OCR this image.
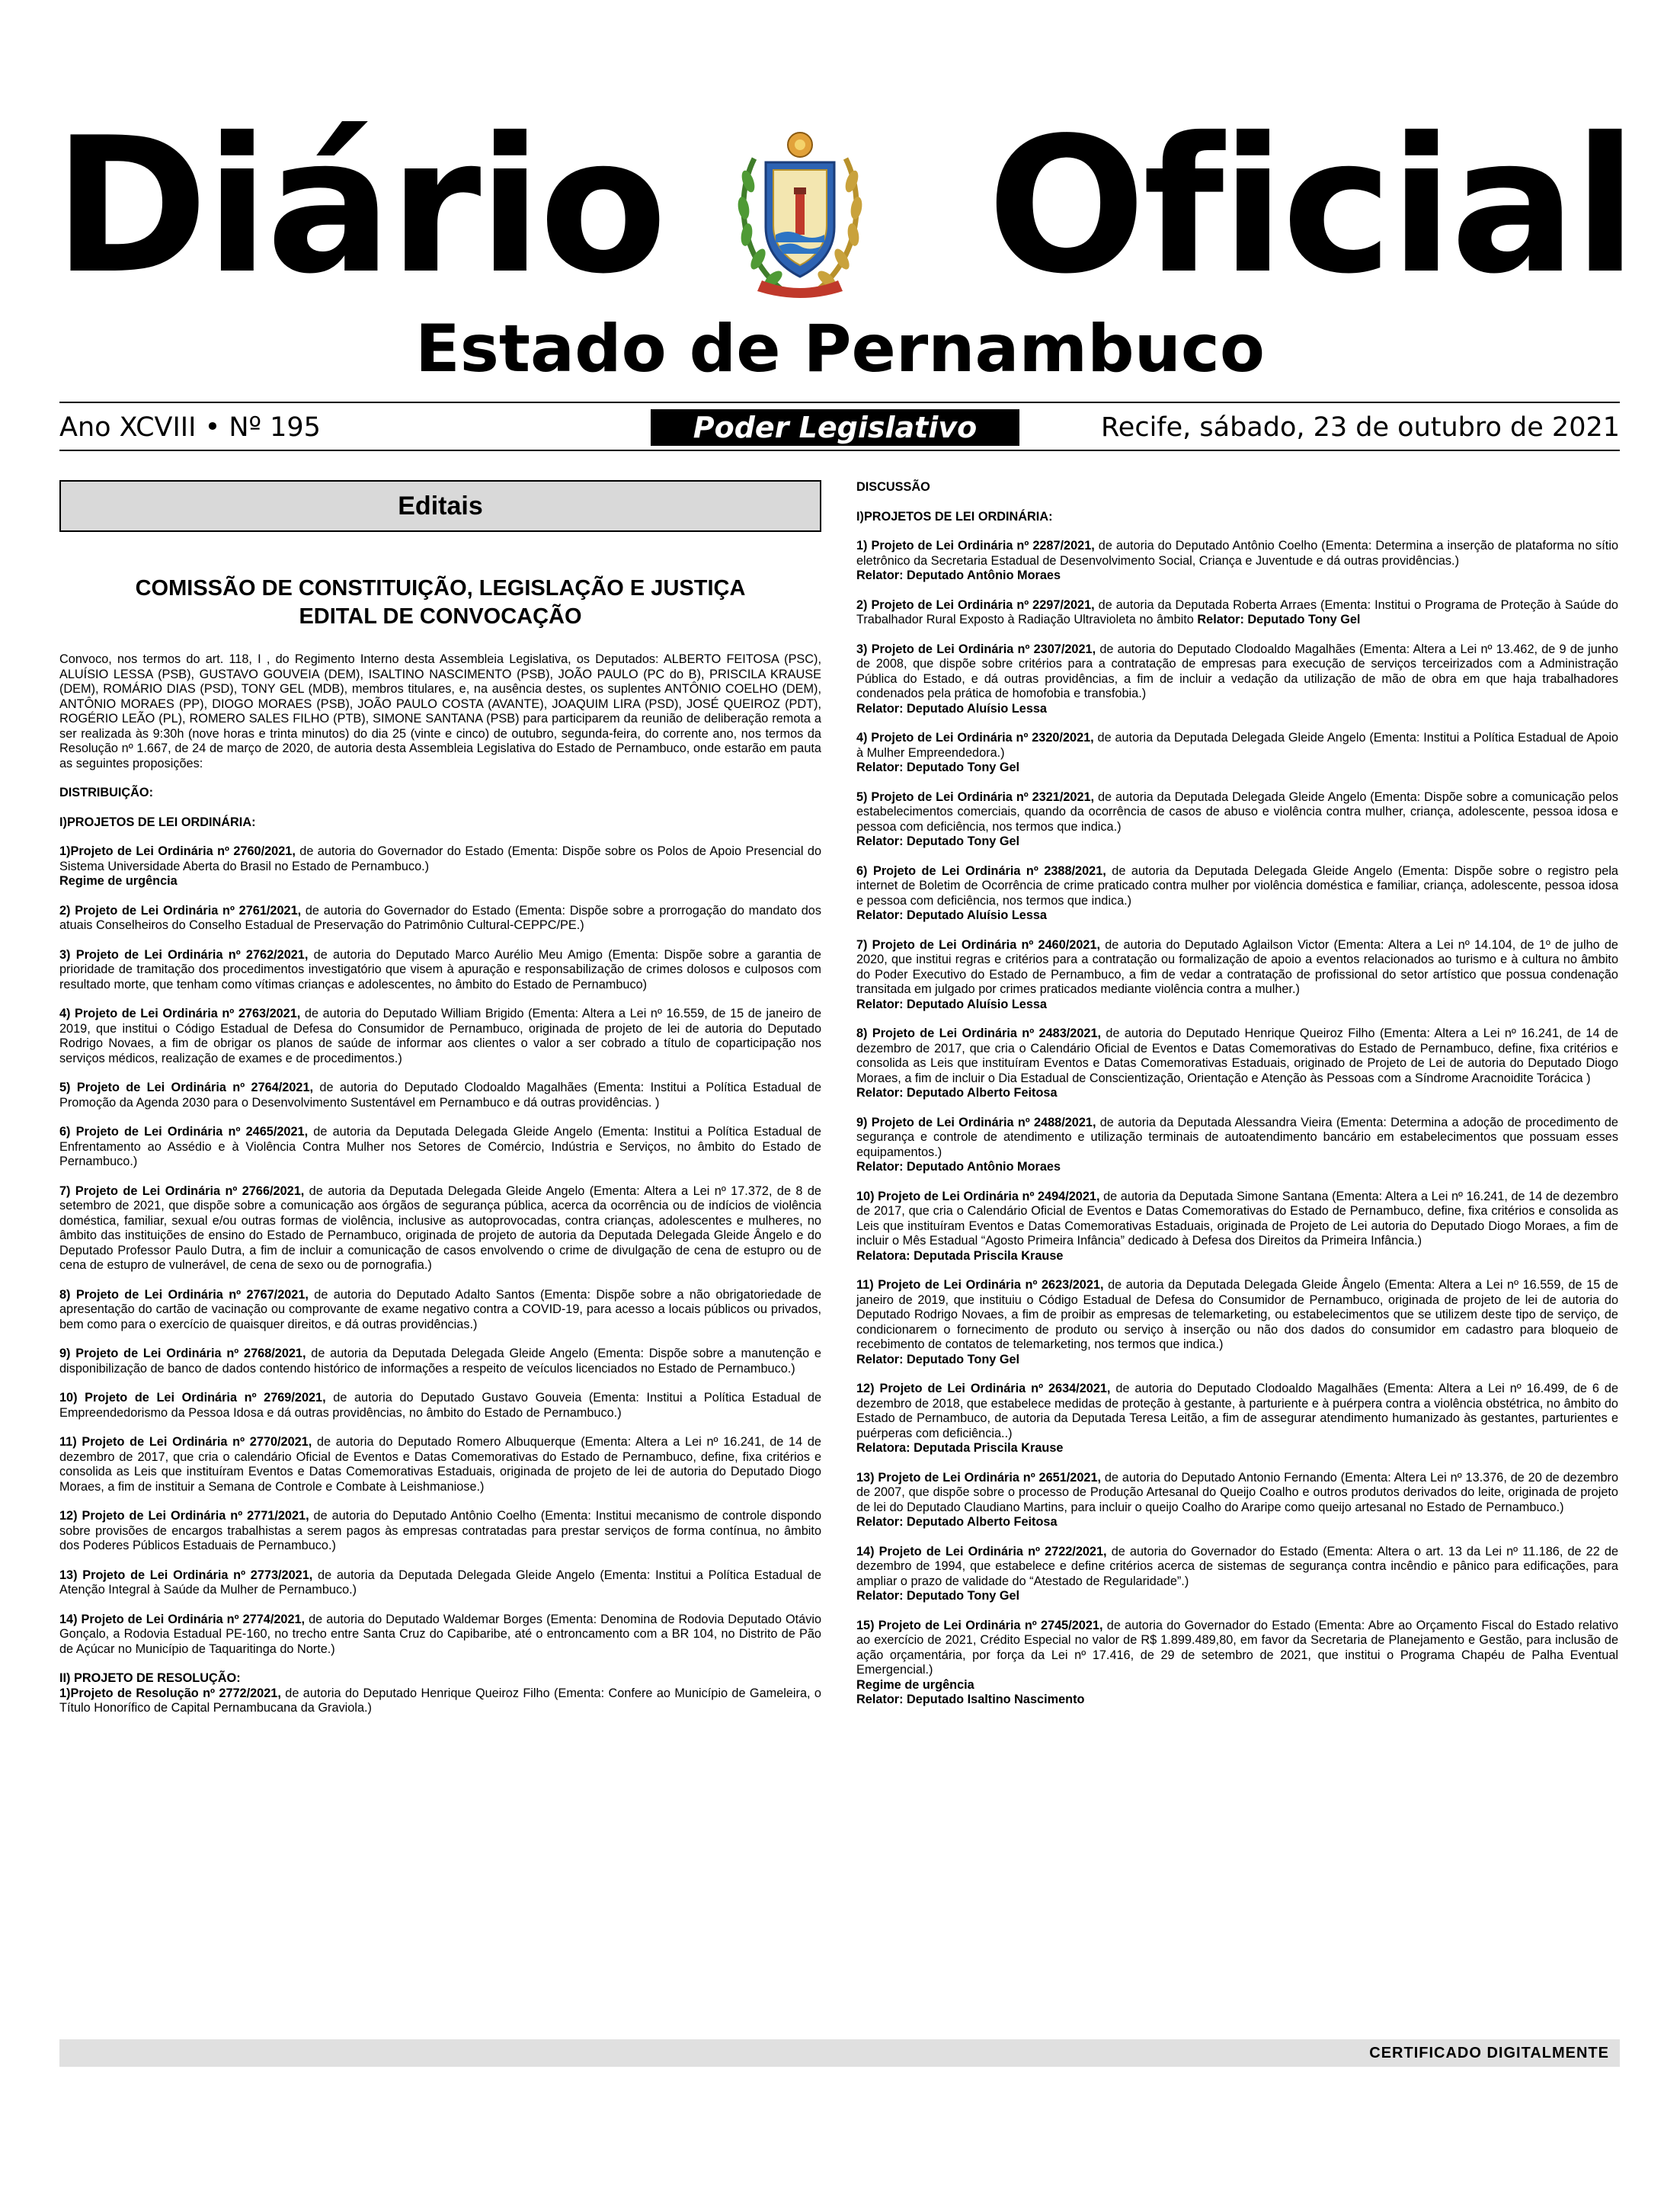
Diário Oficial
Estado de Pernambuco
Ano XCVIII • Nº 195	Poder Legislativo	Recife, sábado, 23 de outubro de 2021
Editais
COMISSÃO DE CONSTITUIÇÃO, LEGISLAÇÃO E JUSTIÇA
EDITAL DE CONVOCAÇÃO

Convoco, nos termos do art. 118, I , do Regimento Interno desta Assembleia Legislativa, os Deputados: ALBERTO FEITOSA (PSC), ALUÍSIO LESSA (PSB), GUSTAVO GOUVEIA (DEM), ISALTINO NASCIMENTO (PSB), JOÃO PAULO (PC do B), PRISCILA KRAUSE (DEM), ROMÁRIO DIAS (PSD), TONY GEL (MDB), membros titulares, e, na ausência destes, os suplentes ANTÔNIO COELHO (DEM), ANTÔNIO MORAES (PP), DIOGO MORAES (PSB), JOÃO PAULO COSTA (AVANTE), JOAQUIM LIRA (PSD), JOSÉ QUEIROZ (PDT), ROGÉRIO LEÃO (PL), ROMERO SALES FILHO (PTB), SIMONE SANTANA (PSB) para participarem da reunião de deliberação remota a ser realizada às 9:30h (nove horas e trinta minutos) do dia 25 (vinte e cinco) de outubro, segunda-feira, do corrente ano, nos termos da Resolução nº 1.667, de 24 de março de 2020, de autoria desta Assembleia Legislativa do Estado de Pernambuco, onde estarão em pauta as seguintes proposições:

DISTRIBUIÇÃO:
I)PROJETOS DE LEI ORDINÁRIA:

1)Projeto de Lei Ordinária nº 2760/2021, de autoria do Governador do Estado (Ementa: Dispõe sobre os Polos de Apoio Presencial do Sistema Universidade Aberta do Brasil no Estado de Pernambuco.)
Regime de urgência

2) Projeto de Lei Ordinária nº 2761/2021, de autoria do Governador do Estado (Ementa: Dispõe sobre a prorrogação do mandato dos atuais Conselheiros do Conselho Estadual de Preservação do Patrimônio Cultural-CEPPC/PE.)

3) Projeto de Lei Ordinária nº 2762/2021, de autoria do Deputado Marco Aurélio Meu Amigo (Ementa: Dispõe sobre a garantia de prioridade de tramitação dos procedimentos investigatório que visem à apuração e responsabilização de crimes dolosos e culposos com resultado morte, que tenham como vítimas crianças e adolescentes, no âmbito do Estado de Pernambuco)

4) Projeto de Lei Ordinária nº 2763/2021, de autoria do Deputado William Brigido (Ementa: Altera a Lei nº 16.559, de 15 de janeiro de 2019, que institui o Código Estadual de Defesa do Consumidor de Pernambuco, originada de projeto de lei de autoria do Deputado Rodrigo Novaes, a fim de obrigar os planos de saúde de informar aos clientes o valor a ser cobrado a título de coparticipação nos serviços médicos, realização de exames e de procedimentos.)

5) Projeto de Lei Ordinária nº 2764/2021, de autoria do Deputado Clodoaldo Magalhães (Ementa: Institui a Política Estadual de Promoção da Agenda 2030 para o Desenvolvimento Sustentável em Pernambuco e dá outras providências. )

6) Projeto de Lei Ordinária nº 2465/2021, de autoria da Deputada Delegada Gleide Angelo (Ementa: Institui a Política Estadual de Enfrentamento ao Assédio e à Violência Contra Mulher nos Setores de Comércio, Indústria e Serviços, no âmbito do Estado de Pernambuco.)

7) Projeto de Lei Ordinária nº 2766/2021, de autoria da Deputada Delegada Gleide Angelo (Ementa: Altera a Lei nº 17.372, de 8 de setembro de 2021, que dispõe sobre a comunicação aos órgãos de segurança pública, acerca da ocorrência ou de indícios de violência doméstica, familiar, sexual e/ou outras formas de violência, inclusive as autoprovocadas, contra crianças, adolescentes e mulheres, no âmbito das instituições de ensino do Estado de Pernambuco, originada de projeto de autoria da Deputada Delegada Gleide Ângelo e do Deputado Professor Paulo Dutra, a fim de incluir a comunicação de casos envolvendo o crime de divulgação de cena de estupro ou de cena de estupro de vulnerável, de cena de sexo ou de pornografia.)

8) Projeto de Lei Ordinária nº 2767/2021, de autoria do Deputado Adalto Santos (Ementa: Dispõe sobre a não obrigatoriedade de apresentação do cartão de vacinação ou comprovante de exame negativo contra a COVID-19, para acesso a locais públicos ou privados, bem como para o exercício de quaisquer direitos, e dá outras providências.)

9) Projeto de Lei Ordinária nº 2768/2021, de autoria da Deputada Delegada Gleide Angelo (Ementa: Dispõe sobre a manutenção e disponibilização de banco de dados contendo histórico de informações a respeito de veículos licenciados no Estado de Pernambuco.)

10) Projeto de Lei Ordinária nº 2769/2021, de autoria do Deputado Gustavo Gouveia (Ementa: Institui a Política Estadual de Empreendedorismo da Pessoa Idosa e dá outras providências, no âmbito do Estado de Pernambuco.)

11) Projeto de Lei Ordinária nº 2770/2021, de autoria do Deputado Romero Albuquerque (Ementa: Altera a Lei nº 16.241, de 14 de dezembro de 2017, que cria o calendário Oficial de Eventos e Datas Comemorativas do Estado de Pernambuco, define, fixa critérios e consolida as Leis que instituíram Eventos e Datas Comemorativas Estaduais, originada de projeto de lei de autoria do Deputado Diogo Moraes, a fim de instituir a Semana de Controle e Combate à Leishmaniose.)

12) Projeto de Lei Ordinária nº 2771/2021, de autoria do Deputado Antônio Coelho (Ementa: Institui mecanismo de controle dispondo sobre provisões de encargos trabalhistas a serem pagos às empresas contratadas para prestar serviços de forma contínua, no âmbito dos Poderes Públicos Estaduais de Pernambuco.)

13) Projeto de Lei Ordinária nº 2773/2021, de autoria da Deputada Delegada Gleide Angelo (Ementa: Institui a Política Estadual de Atenção Integral à Saúde da Mulher de Pernambuco.)

14) Projeto de Lei Ordinária nº 2774/2021, de autoria do Deputado Waldemar Borges (Ementa: Denomina de Rodovia Deputado Otávio Gonçalo, a Rodovia Estadual PE-160, no trecho entre Santa Cruz do Capibaribe, até o entroncamento com a BR 104, no Distrito de Pão de Açúcar no Município de Taquaritinga do Norte.)

II) PROJETO DE RESOLUÇÃO:

1)Projeto de Resolução nº 2772/2021, de autoria do Deputado Henrique Queiroz Filho (Ementa: Confere ao Município de Gameleira, o Título Honorífico de Capital Pernambucana da Graviola.)

DISCUSSÃO
I)PROJETOS DE LEI ORDINÁRIA:

1) Projeto de Lei Ordinária nº 2287/2021, de autoria do Deputado Antônio Coelho (Ementa: Determina a inserção de plataforma no sítio eletrônico da Secretaria Estadual de Desenvolvimento Social, Criança e Juventude e dá outras providências.)
Relator: Deputado Antônio Moraes

2) Projeto de Lei Ordinária nº 2297/2021, de autoria da Deputada Roberta Arraes (Ementa: Institui o Programa de Proteção à Saúde do Trabalhador Rural Exposto à Radiação Ultravioleta no âmbito Relator: Deputado Tony Gel

3) Projeto de Lei Ordinária nº 2307/2021, de autoria do Deputado Clodoaldo Magalhães (Ementa: Altera a Lei nº 13.462, de 9 de junho de 2008, que dispõe sobre critérios para a contratação de empresas para execução de serviços terceirizados com a Administração Pública do Estado, e dá outras providências, a fim de incluir a vedação da utilização de mão de obra em que haja trabalhadores condenados pela prática de homofobia e transfobia.)
Relator: Deputado Aluísio Lessa

4) Projeto de Lei Ordinária nº 2320/2021, de autoria da Deputada Delegada Gleide Angelo (Ementa: Institui a Política Estadual de Apoio à Mulher Empreendedora.)
Relator: Deputado Tony Gel

5) Projeto de Lei Ordinária nº 2321/2021, de autoria da Deputada Delegada Gleide Angelo (Ementa: Dispõe sobre a comunicação pelos estabelecimentos comerciais, quando da ocorrência de casos de abuso e violência contra mulher, criança, adolescente, pessoa idosa e pessoa com deficiência, nos termos que indica.)
Relator: Deputado Tony Gel

6) Projeto de Lei Ordinária nº 2388/2021, de autoria da Deputada Delegada Gleide Angelo (Ementa: Dispõe sobre o registro pela internet de Boletim de Ocorrência de crime praticado contra mulher por violência doméstica e familiar, criança, adolescente, pessoa idosa e pessoa com deficiência, nos termos que indica.)
Relator: Deputado Aluísio Lessa

7) Projeto de Lei Ordinária nº 2460/2021, de autoria do Deputado Aglailson Victor (Ementa: Altera a Lei nº 14.104, de 1º de julho de 2020, que institui regras e critérios para a contratação ou formalização de apoio a eventos relacionados ao turismo e à cultura no âmbito do Poder Executivo do Estado de Pernambuco, a fim de vedar a contratação de profissional do setor artístico que possua condenação transitada em julgado por crimes praticados mediante violência contra a mulher.)
Relator: Deputado Aluísio Lessa

8) Projeto de Lei Ordinária nº 2483/2021, de autoria do Deputado Henrique Queiroz Filho (Ementa: Altera a Lei nº 16.241, de 14 de dezembro de 2017, que cria o Calendário Oficial de Eventos e Datas Comemorativas do Estado de Pernambuco, define, fixa critérios e consolida as Leis que instituíram Eventos e Datas Comemorativas Estaduais, originado de Projeto de Lei de autoria do Deputado Diogo Moraes, a fim de incluir o Dia Estadual de Conscientização, Orientação e Atenção às Pessoas com a Síndrome Aracnoidite Torácica )
Relator: Deputado Alberto Feitosa

9) Projeto de Lei Ordinária nº 2488/2021, de autoria da Deputada Alessandra Vieira (Ementa: Determina a adoção de procedimento de segurança e controle de atendimento e utilização terminais de autoatendimento bancário em estabelecimentos que possuam esses equipamentos.)
Relator: Deputado Antônio Moraes

10) Projeto de Lei Ordinária nº 2494/2021, de autoria da Deputada Simone Santana (Ementa: Altera a Lei nº 16.241, de 14 de dezembro de 2017, que cria o Calendário Oficial de Eventos e Datas Comemorativas do Estado de Pernambuco, define, fixa critérios e consolida as Leis que instituíram Eventos e Datas Comemorativas Estaduais, originada de Projeto de Lei autoria do Deputado Diogo Moraes, a fim de incluir o Mês Estadual “Agosto Primeira Infância” dedicado à Defesa dos Direitos da Primeira Infância.)
Relatora: Deputada Priscila Krause

11) Projeto de Lei Ordinária nº 2623/2021, de autoria da Deputada Delegada Gleide Ângelo (Ementa: Altera a Lei nº 16.559, de 15 de janeiro de 2019, que instituiu o Código Estadual de Defesa do Consumidor de Pernambuco, originada de projeto de lei de autoria do Deputado Rodrigo Novaes, a fim de proibir as empresas de telemarketing, ou estabelecimentos que se utilizem deste tipo de serviço, de condicionarem o fornecimento de produto ou serviço à inserção ou não dos dados do consumidor em cadastro para bloqueio de recebimento de contatos de telemarketing, nos termos que indica.)
Relator: Deputado Tony Gel

12) Projeto de Lei Ordinária nº 2634/2021, de autoria do Deputado Clodoaldo Magalhães (Ementa: Altera a Lei nº 16.499, de 6 de dezembro de 2018, que estabelece medidas de proteção à gestante, à parturiente e à puérpera contra a violência obstétrica, no âmbito do Estado de Pernambuco, de autoria da Deputada Teresa Leitão, a fim de assegurar atendimento humanizado às gestantes, parturientes e puérperas com deficiência..)
Relatora: Deputada Priscila Krause

13) Projeto de Lei Ordinária nº 2651/2021, de autoria do Deputado Antonio Fernando (Ementa: Altera Lei nº 13.376, de 20 de dezembro de 2007, que dispõe sobre o processo de Produção Artesanal do Queijo Coalho e outros produtos derivados do leite, originada de projeto de lei do Deputado Claudiano Martins, para incluir o queijo Coalho do Araripe como queijo artesanal no Estado de Pernambuco.)
Relator: Deputado Alberto Feitosa

14) Projeto de Lei Ordinária nº 2722/2021, de autoria do Governador do Estado (Ementa: Altera o art. 13 da Lei nº 11.186, de 22 de dezembro de 1994, que estabelece e define critérios acerca de sistemas de segurança contra incêndio e pânico para edificações, para ampliar o prazo de validade do “Atestado de Regularidade”.)
Relator: Deputado Tony Gel

15) Projeto de Lei Ordinária nº 2745/2021, de autoria do Governador do Estado (Ementa: Abre ao Orçamento Fiscal do Estado relativo ao exercício de 2021, Crédito Especial no valor de R$ 1.899.489,80, em favor da Secretaria de Planejamento e Gestão, para inclusão de ação orçamentária, por força da Lei nº 17.416, de 29 de setembro de 2021, que institui o Programa Chapéu de Palha Eventual Emergencial.)
Regime de urgência
Relator: Deputado Isaltino Nascimento

CERTIFICADO DIGITALMENTE
